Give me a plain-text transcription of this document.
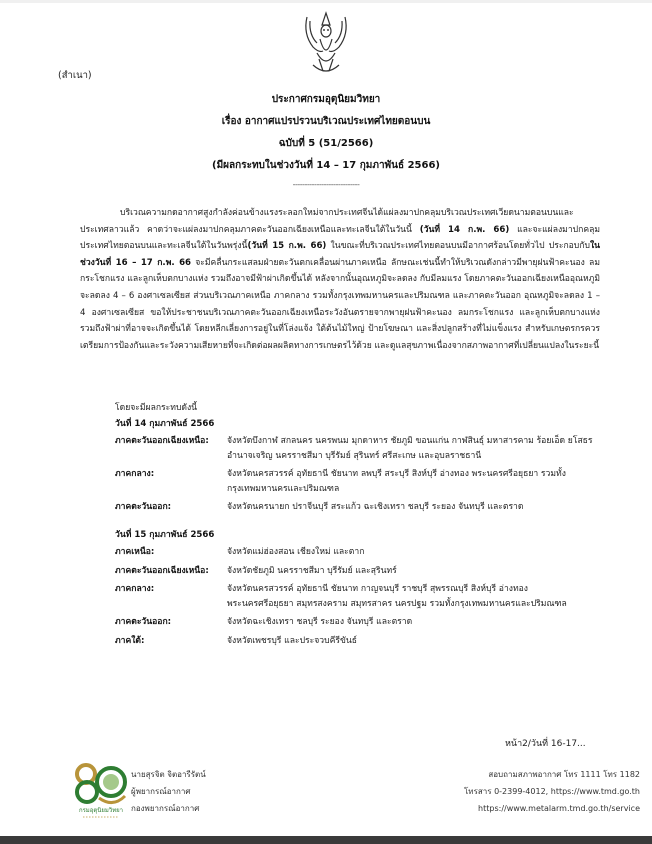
(สำเนา)
ประกาศกรมอุตุนิยมวิทยา
เรื่อง อากาศแปรปรวนบริเวณประเทศไทยตอนบน
ฉบับที่ 5 (51/2566)
(มีผลกระทบในช่วงวันที่ 14 – 17 กุมภาพันธ์ 2566)
----------------------------
บริเวณความกดอากาศสูงกำลังค่อนข้างแรงระลอกใหม่จากประเทศจีนได้แผ่ลงมาปกคลุมบริเวณประเทศเวียดนามตอนบนและประเทศลาวแล้ว คาดว่าจะแผ่ลงมาปกคลุมภาคตะวันออกเฉียงเหนือและทะเลจีนใต้ในวันนี้ (วันที่ 14 ก.พ. 66) และจะแผ่ลงมาปกคลุมประเทศไทยตอนบนและทะเลจีนใต้ในวันพรุ่งนี้(วันที่ 15 ก.พ. 66) ในขณะที่บริเวณประเทศไทยตอนบนมีอากาศร้อนโดยทั่วไป ประกอบกับในช่วงวันที่ 16 – 17 ก.พ. 66 จะมีคลื่นกระแสลมฝ่ายตะวันตกเคลื่อนผ่านภาคเหนือ ลักษณะเช่นนี้ทำให้บริเวณดังกล่าวมีพายุฝนฟ้าคะนอง ลมกระโชกแรง และลูกเห็บตกบางแห่ง รวมถึงอาจมีฟ้าผ่าเกิดขึ้นได้ หลังจากนั้นอุณหภูมิจะลดลง กับมีลมแรง โดยภาคตะวันออกเฉียงเหนืออุณหภูมิจะลดลง 4 – 6 องศาเซลเซียส ส่วนบริเวณภาคเหนือ ภาคกลาง รวมทั้งกรุงเทพมหานครและปริมณฑล และภาคตะวันออก อุณหภูมิจะลดลง 1 – 4 องศาเซลเซียส ขอให้ประชาชนบริเวณภาคตะวันออกเฉียงเหนือระวังอันตรายจากพายุฝนฟ้าคะนอง ลมกระโชกแรง และลูกเห็บตกบางแห่ง รวมถึงฟ้าผ่าที่อาจจะเกิดขึ้นได้ โดยหลีกเลี่ยงการอยู่ในที่โล่งแจ้ง ใต้ต้นไม้ใหญ่ ป้ายโฆษณา และสิ่งปลูกสร้างที่ไม่แข็งแรง สำหรับเกษตรกรควรเตรียมการป้องกันและระวังความเสียหายที่จะเกิดต่อผลผลิตทางการเกษตรไว้ด้วย และดูแลสุขภาพเนื่องจากสภาพอากาศที่เปลี่ยนแปลงในระยะนี้
โดยจะมีผลกระทบดังนี้
วันที่ 14 กุมภาพันธ์ 2566
ภาคตะวันออกเฉียงเหนือ:	จังหวัดบึงกาฬ สกลนคร นครพนม มุกดาหาร ชัยภูมิ ขอนแก่น กาฬสินธุ์ มหาสารคาม ร้อยเอ็ด ยโสธร อำนาจเจริญ นครราชสีมา บุรีรัมย์ สุรินทร์ ศรีสะเกษ และอุบลราชธานี
ภาคกลาง:	จังหวัดนครสวรรค์ อุทัยธานี ชัยนาท ลพบุรี สระบุรี สิงห์บุรี อ่างทอง พระนครศรีอยุธยา รวมทั้งกรุงเทพมหานครและปริมณฑล
ภาคตะวันออก:	จังหวัดนครนายก ปราจีนบุรี สระแก้ว ฉะเชิงเทรา ชลบุรี ระยอง จันทบุรี และตราด
วันที่ 15 กุมภาพันธ์ 2566
ภาคเหนือ:	จังหวัดแม่ฮ่องสอน เชียงใหม่ และตาก
ภาคตะวันออกเฉียงเหนือ:	จังหวัดชัยภูมิ นครราชสีมา บุรีรัมย์ และสุรินทร์
ภาคกลาง:	จังหวัดนครสวรรค์ อุทัยธานี ชัยนาท กาญจนบุรี ราชบุรี สุพรรณบุรี สิงห์บุรี อ่างทอง พระนครศรีอยุธยา สมุทรสงคราม สมุทรสาคร นครปฐม รวมทั้งกรุงเทพมหานครและปริมณฑล
ภาคตะวันออก:	จังหวัดฉะเชิงเทรา ชลบุรี ระยอง จันทบุรี และตราด
ภาคใต้:	จังหวัดเพชรบุรี และประจวบคีรีขันธ์
หน้า2/วันที่ 16-17...
กรมอุตุนิยมวิทยา
นายสุรจิต จิตอารีรัตน์
ผู้พยากรณ์อากาศ
กองพยากรณ์อากาศ
สอบถามสภาพอากาศ โทร 1111 โทร 1182
โทรสาร 0-2399-4012, https://www.tmd.go.th
https://www.metalarm.tmd.go.th/service
